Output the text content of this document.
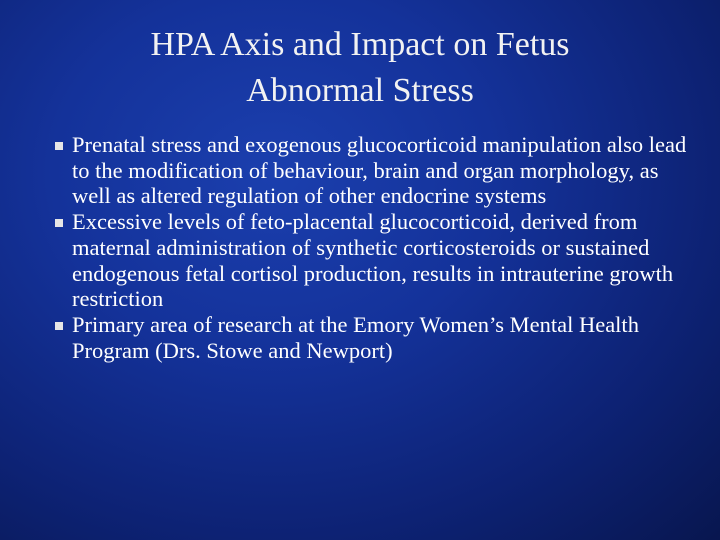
HPA Axis and Impact on Fetus
Abnormal Stress
Prenatal stress and exogenous glucocorticoid manipulation also lead to the modification of behaviour, brain and organ morphology, as well as altered regulation of other endocrine systems
Excessive levels of feto-placental glucocorticoid, derived from maternal administration of synthetic corticosteroids or sustained endogenous fetal cortisol production, results in intrauterine growth restriction
Primary area of research at the Emory Women’s Mental Health Program (Drs. Stowe and Newport)
